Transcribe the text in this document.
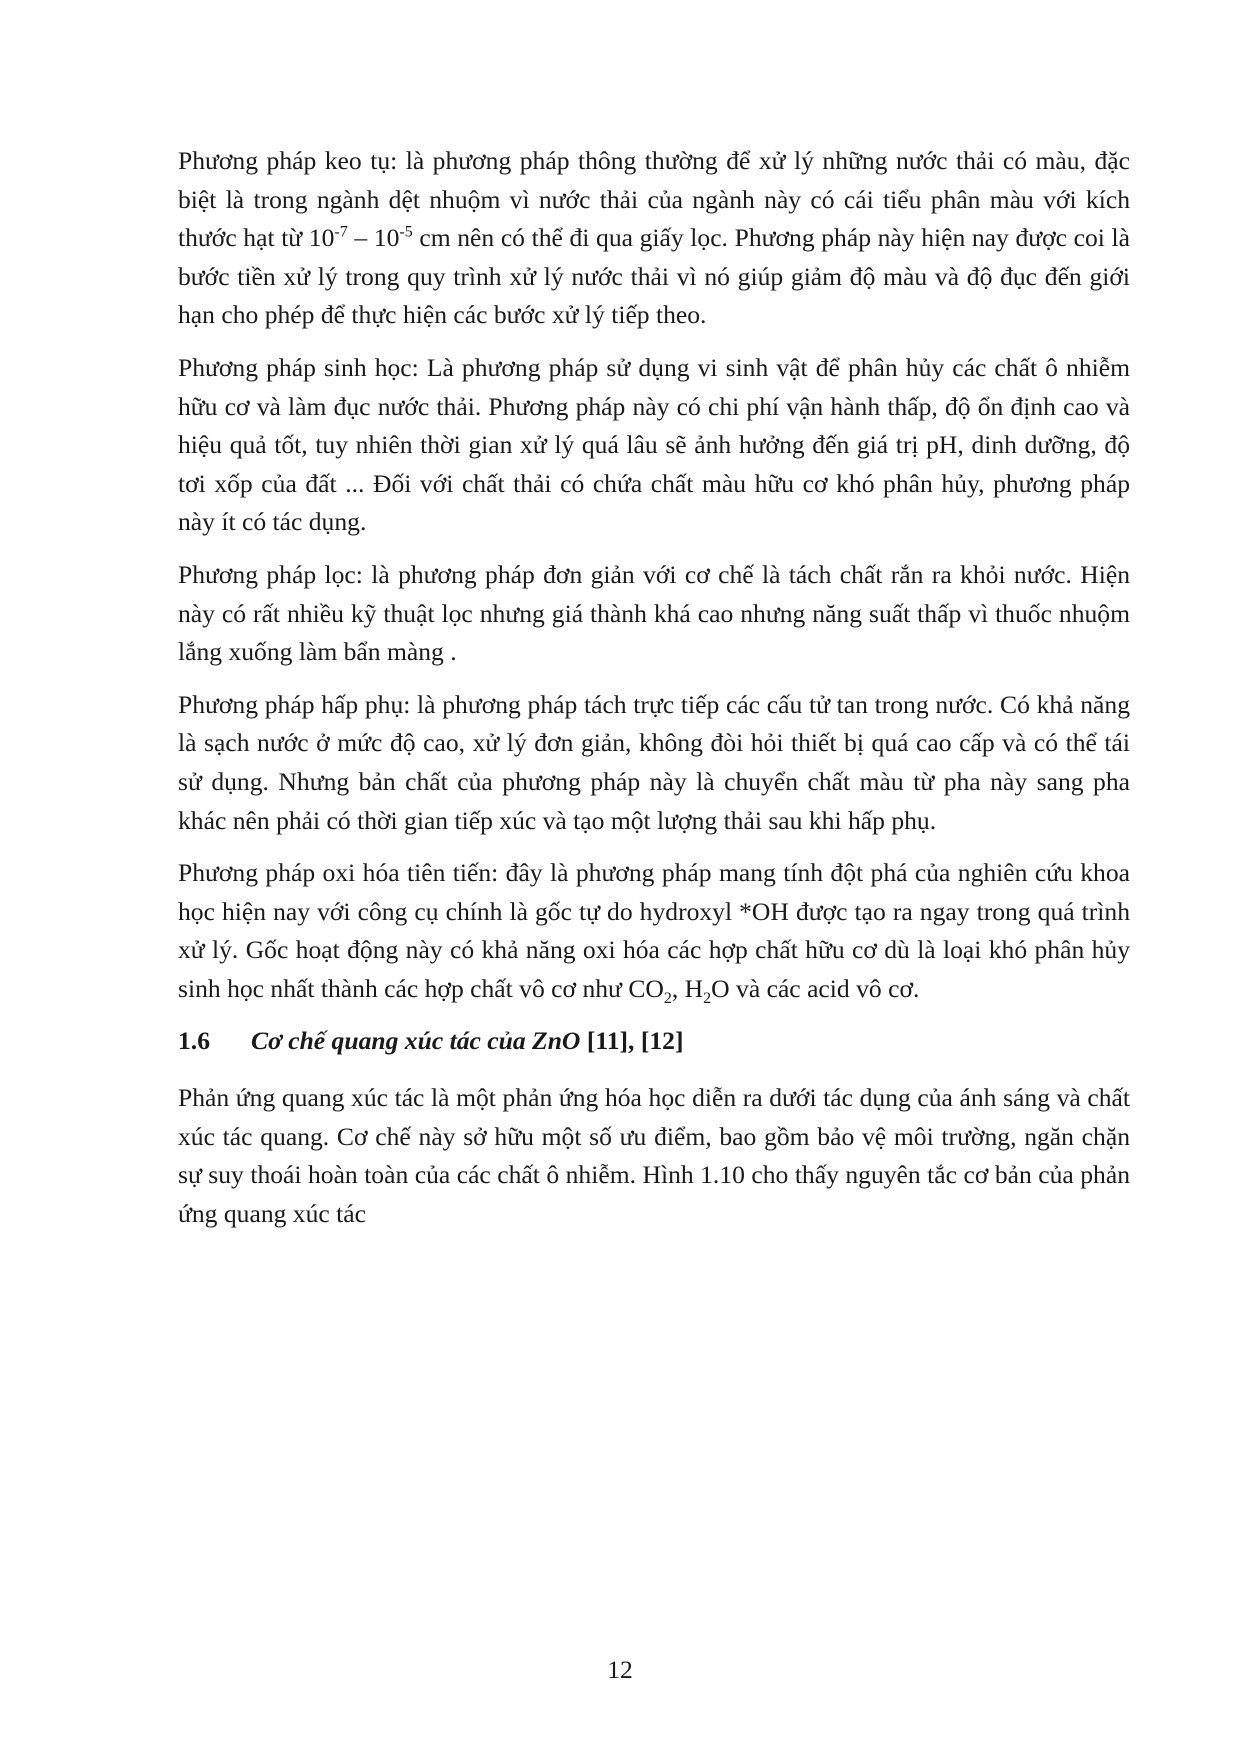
Phương pháp keo tụ: là phương pháp thông thường để xử lý những nước thải có màu, đặc biệt là trong ngành dệt nhuộm vì nước thải của ngành này có cái tiểu phân màu với kích thước hạt từ $10^{-7} - 10^{-5}$ cm nên có thể đi qua giấy lọc. Phương pháp này hiện nay được coi là bước tiền xử lý trong quy trình xử lý nước thải vì nó giúp giảm độ màu và độ đục đến giới hạn cho phép để thực hiện các bước xử lý tiếp theo.

Phương pháp sinh học: Là phương pháp sử dụng vi sinh vật để phân hủy các chất ô nhiễm hữu cơ và làm đục nước thải. Phương pháp này có chi phí vận hành thấp, độ ổn định cao và hiệu quả tốt, tuy nhiên thời gian xử lý quá lâu sẽ ảnh hưởng đến giá trị pH, dinh dưỡng, độ tơi xốp của đất ... Đối với chất thải có chứa chất màu hữu cơ khó phân hủy, phương pháp này ít có tác dụng.

Phương pháp lọc: là phương pháp đơn giản với cơ chế là tách chất rắn ra khỏi nước. Hiện này có rất nhiều kỹ thuật lọc nhưng giá thành khá cao nhưng năng suất thấp vì thuốc nhuộm lắng xuống làm bẩn màng .

Phương pháp hấp phụ: là phương pháp tách trực tiếp các cấu tử tan trong nước. Có khả năng là sạch nước ở mức độ cao, xử lý đơn giản, không đòi hỏi thiết bị quá cao cấp và có thể tái sử dụng. Nhưng bản chất của phương pháp này là chuyển chất màu từ pha này sang pha khác nên phải có thời gian tiếp xúc và tạo một lượng thải sau khi hấp phụ.

Phương pháp oxi hóa tiên tiến: đây là phương pháp mang tính đột phá của nghiên cứu khoa học hiện nay với công cụ chính là gốc tự do hydroxyl *OH được tạo ra ngay trong quá trình xử lý. Gốc hoạt động này có khả năng oxi hóa các hợp chất hữu cơ dù là loại khó phân hủy sinh học nhất thành các hợp chất vô cơ như $CO_2$, $H_2O$ và các acid vô cơ.

1.6 Cơ chế quang xúc tác của ZnO [11], [12]

Phản ứng quang xúc tác là một phản ứng hóa học diễn ra dưới tác dụng của ánh sáng và chất xúc tác quang. Cơ chế này sở hữu một số ưu điểm, bao gồm bảo vệ môi trường, ngăn chặn sự suy thoái hoàn toàn của các chất ô nhiễm. Hình 1.10 cho thấy nguyên tắc cơ bản của phản ứng quang xúc tác

12
